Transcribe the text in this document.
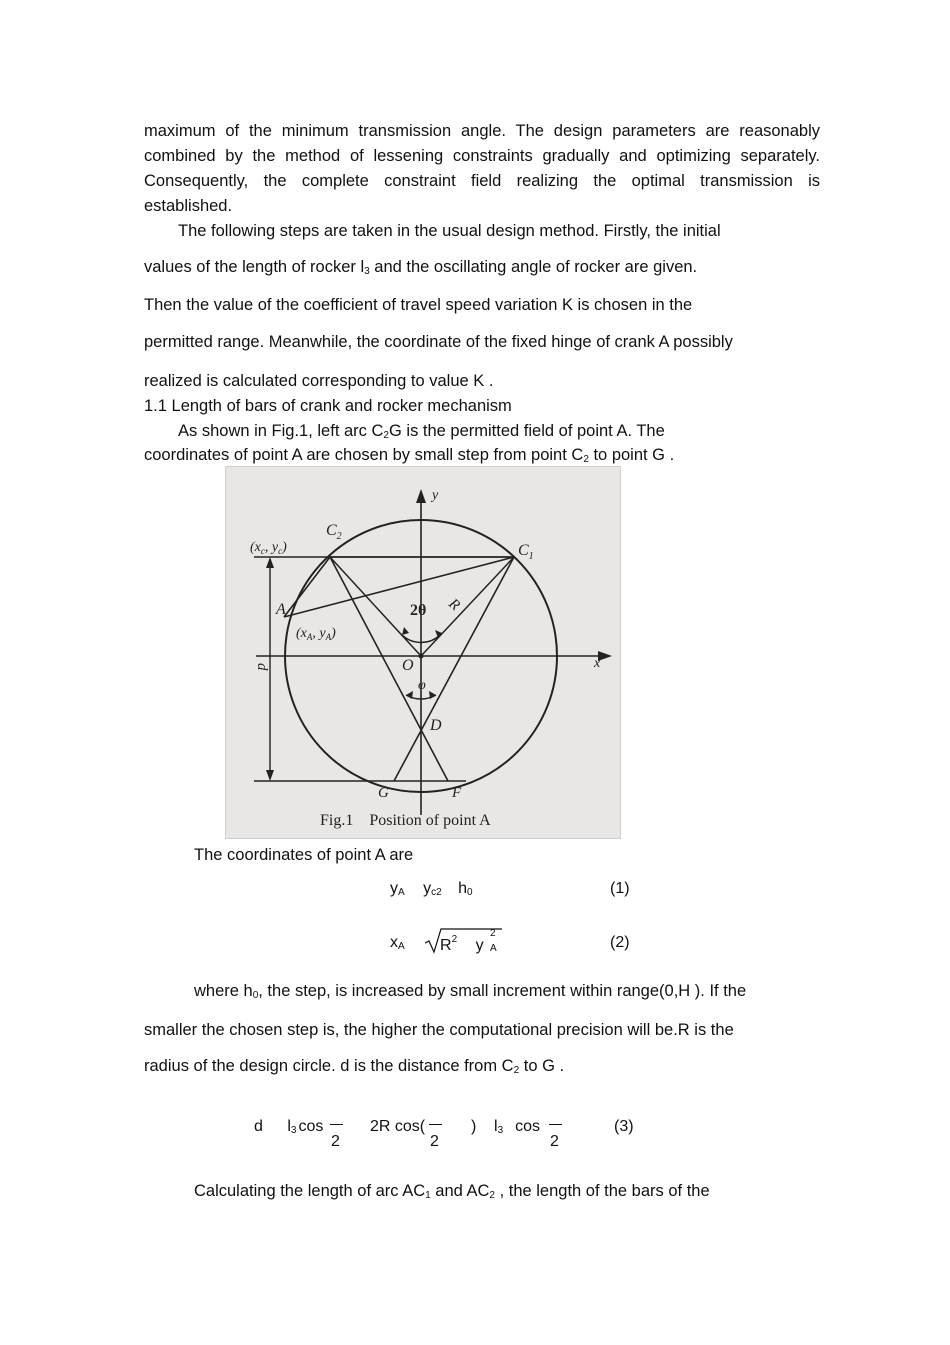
maximum of the minimum transmission angle. The design parameters are reasonably
combined by the method of lessening constraints gradually and optimizing separately.
Consequently, the complete constraint field realizing the optimal transmission is
established.
The following steps are taken in the usual design method. Firstly, the initial
values of the length of rocker $l_3$ and the oscillating angle of rocker are given.
Then the value of the coefficient of travel speed variation K is chosen in the
permitted range. Meanwhile, the coordinate of the fixed hinge of crank A possibly
realized is calculated corresponding to value K .
1.1 Length of bars of crank and rocker mechanism
As shown in Fig.1, left arc $C_2G$ is the permitted field of point A. The
coordinates of point A are chosen by small step from point $C_2$ to point G .
y
x
O
$C_1$
$C_2$
A
D
G	F
R
2θ
φ
d
($x_c$, $y_c$)
($x_A$, $y_A$)
Fig.1    Position of point A
The coordinates of point A are
$y_A$ $y_{c2}$ $h_0$	(1)
$x_A$ $R^2$ y
2
A	(2)
where $h_0$, the step, is increased by small increment within range(0,H ). If the
smaller the chosen step is, the higher the computational precision will be.R is the
radius of the design circle. d is the distance from $C_2$ to G .
d $l_3$ cos	2R cos(	) $l_3$ cos
2	2	2
(3)
Calculating the length of arc $AC_1$ and $AC_2$ , the length of the bars of the
